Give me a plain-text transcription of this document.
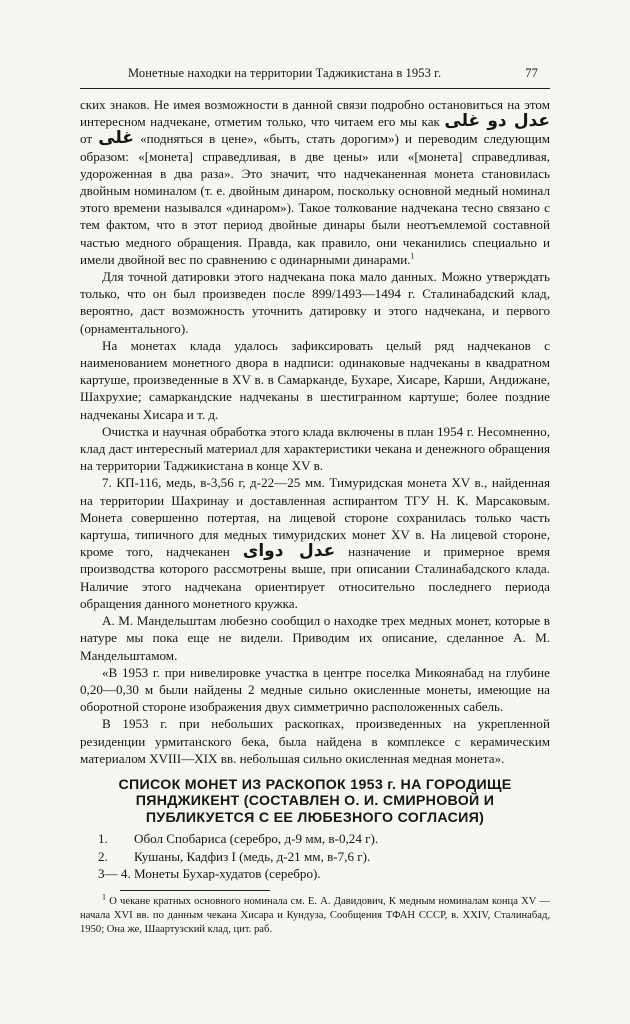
Монетные находки на территории Таджикистана в 1953 г.	77

ских знаков. Не имея возможности в данной связи подробно остановиться на этом интересном надчекане, отметим только, что читаем его мы как عدل دو غلی от غلی «подняться в цене», «быть, стать дорогим») и переводим следующим образом: «[монета] справедливая, в две цены» или «[монета] справедливая, удороженная в два раза». Это значит, что надчеканенная монета становилась двойным номиналом (т. е. двойным динаром, поскольку основной медный номинал этого времени назывался «динаром»). Такое толкование надчекана тесно связано с тем фактом, что в этот период двойные динары были неотъемлемой составной частью медного обращения. Правда, как правило, они чеканились специально и имели двойной вес по сравнению с одинарными динарами.$^1$

Для точной датировки этого надчекана пока мало данных. Можно утверждать только, что он был произведен после 899/1493—1494 г. Сталинабадский клад, вероятно, даст возможность уточнить датировку и этого надчекана, и первого (орнаментального).

На монетах клада удалось зафиксировать целый ряд надчеканов с наименованием монетного двора в надписи: одинаковые надчеканы в квадратном картуше, произведенные в XV в. в Самарканде, Бухаре, Хисаре, Карши, Андижане, Шахрухие; самаркандские надчеканы в шестигранном картуше; более поздние надчеканы Хисара и т. д.

Очистка и научная обработка этого клада включены в план 1954 г. Несомненно, клад даст интересный материал для характеристики чекана и денежного обращения на территории Таджикистана в конце XV в.

7. КП-116, медь, в-3,56 г, д-22—25 мм. Тимуридская монета XV в., найденная на территории Шахринау и доставленная аспирантом ТГУ Н. К. Марсаковым. Монета совершенно потертая, на лицевой стороне сохранилась только часть картуша, типичного для медных тимуридских монет XV в. На лицевой стороне, кроме того, надчеканен عدل دوای назначение и примерное время производства которого рассмотрены выше, при описании Сталинабадского клада. Наличие этого надчекана ориентирует относительно последнего периода обращения данного монетного кружка.

А. М. Мандельштам любезно сообщил о находке трех медных монет, которые в натуре мы пока еще не видели. Приводим их описание, сделанное А. М. Мандельштамом.

«В 1953 г. при нивелировке участка в центре поселка Микоянабад на глубине 0,20—0,30 м были найдены 2 медные сильно окисленные монеты, имеющие на оборотной стороне изображения двух симметрично расположенных сабель.

В 1953 г. при небольших раскопках, произведенных на укрепленной резиденции урмитанского бека, была найдена в комплексе с керамическим материалом XVIII—XIX вв. небольшая сильно окисленная медная монета».

СПИСОК МОНЕТ ИЗ РАСКОПОК 1953 г. НА ГОРОДИЩЕ ПЯНДЖИКЕНТ (СОСТАВЛЕН О. И. СМИРНОВОЙ И ПУБЛИКУЕТСЯ С ЕЕ ЛЮБЕЗНОГО СОГЛАСИЯ)

1. Обол Спобариса (серебро, д-9 мм, в-0,24 г).

2. Кушаны, Кадфиз I (медь, д-21 мм, в-7,6 г).

3— 4. Монеты Бухар-худатов (серебро).

$^1$ О чекане кратных основного номинала см. Е. А. Давидович, К медным номиналам конца XV — начала XVI вв. по данным чекана Хисара и Кундуза, Сообщения ТФАН СССР, в. XXIV, Сталинабад, 1950; Она же, Шаартузский клад, цит. раб.
